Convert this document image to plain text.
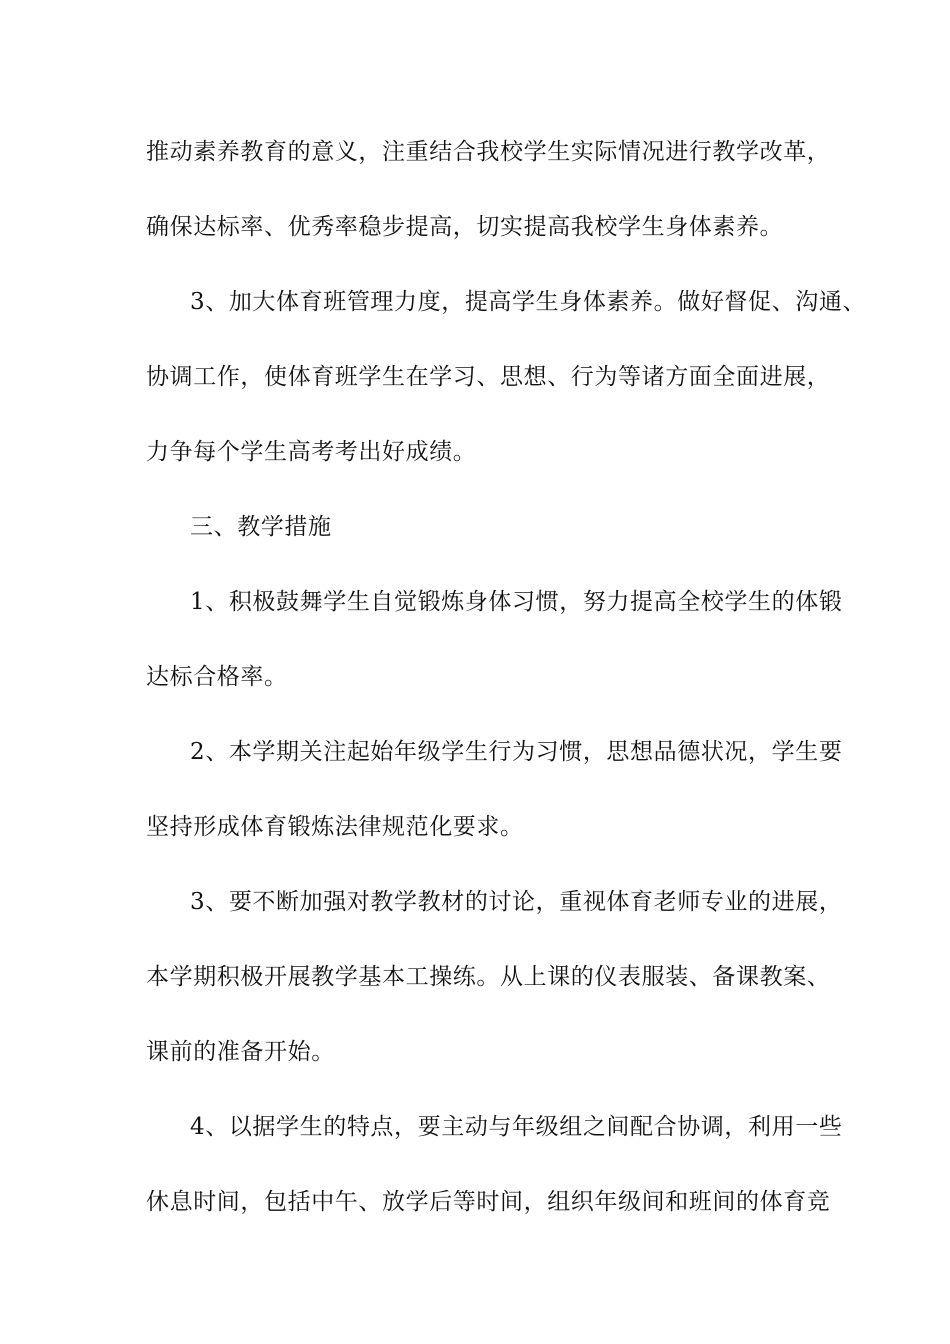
推动素养教育的意义，注重结合我校学生实际情况进行教学改革，
确保达标率、优秀率稳步提高，切实提高我校学生身体素养。
3、加大体育班管理力度，提高学生身体素养。做好督促、沟通、
协调工作，使体育班学生在学习、思想、行为等诸方面全面进展，
力争每个学生高考考出好成绩。
三、教学措施
1、积极鼓舞学生自觉锻炼身体习惯，努力提高全校学生的体锻
达标合格率。
2、本学期关注起始年级学生行为习惯，思想品德状况，学生要
坚持形成体育锻炼法律规范化要求。
3、要不断加强对教学教材的讨论，重视体育老师专业的进展，
本学期积极开展教学基本工操练。从上课的仪表服装、备课教案、
课前的准备开始。
4、以据学生的特点，要主动与年级组之间配合协调，利用一些
休息时间，包括中午、放学后等时间，组织年级间和班间的体育竞
